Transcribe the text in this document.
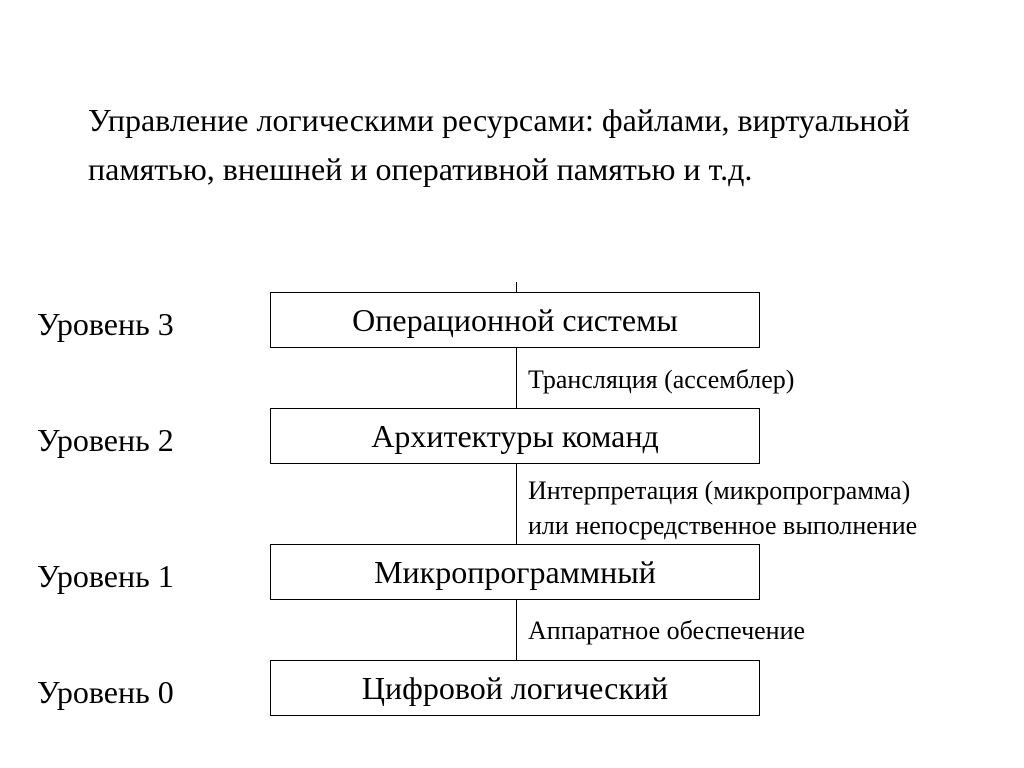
Управление логическими ресурсами: файлами, виртуальной памятью, внешней и оперативной памятью и т.д.

Уровень 3	Операционной системы
Трансляция (ассемблер)
Уровень 2	Архитектуры команд
Интерпретация (микропрограмма)
или непосредственное выполнение
Уровень 1	Микропрограммный
Аппаратное обеспечение
Уровень 0	Цифровой логический
